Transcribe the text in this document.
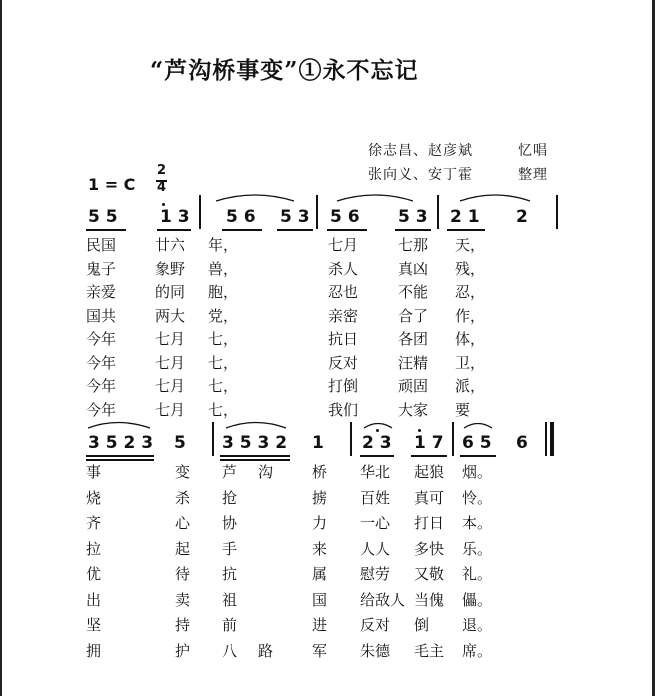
“芦沟桥事变”①永不忘记
徐志昌、赵彦斌	忆唱
张向义、安丁霍	整理
1 = C
2
4
5 5 1 3 5 6 5 3 5 6 5 3 2 1 2
3 5 2 3 5 3 5 3 2 1 2 3 1 7 6 5 6
民国	廿六 年，	七月	七那 天，
鬼子	象野 兽，	杀人	真凶 残，
亲爱	的同 胞，	忍也	不能 忍，
国共	两大 党，	亲密	合了 作，
今年	七月 七，	抗日	各团 体，
今年	七月 七，	反对	汪精 卫，
今年	七月 七，	打倒	顽固 派，
今年	七月 七，	我们	大家 要
事	变 芦 沟	桥 华北 起狼 烟。
烧	杀 抢	掳 百姓 真可 怜。
齐	心 协	力 一心 打日 本。
拉	起 手	来 人人 多快 乐。
优	待 抗	属 慰劳 又敬 礼。
出	卖 祖	国 给敌人 当傀 儡。
坚	持 前	进 反对 倒 退。
拥	护 八 路	军 朱德 毛主 席。
